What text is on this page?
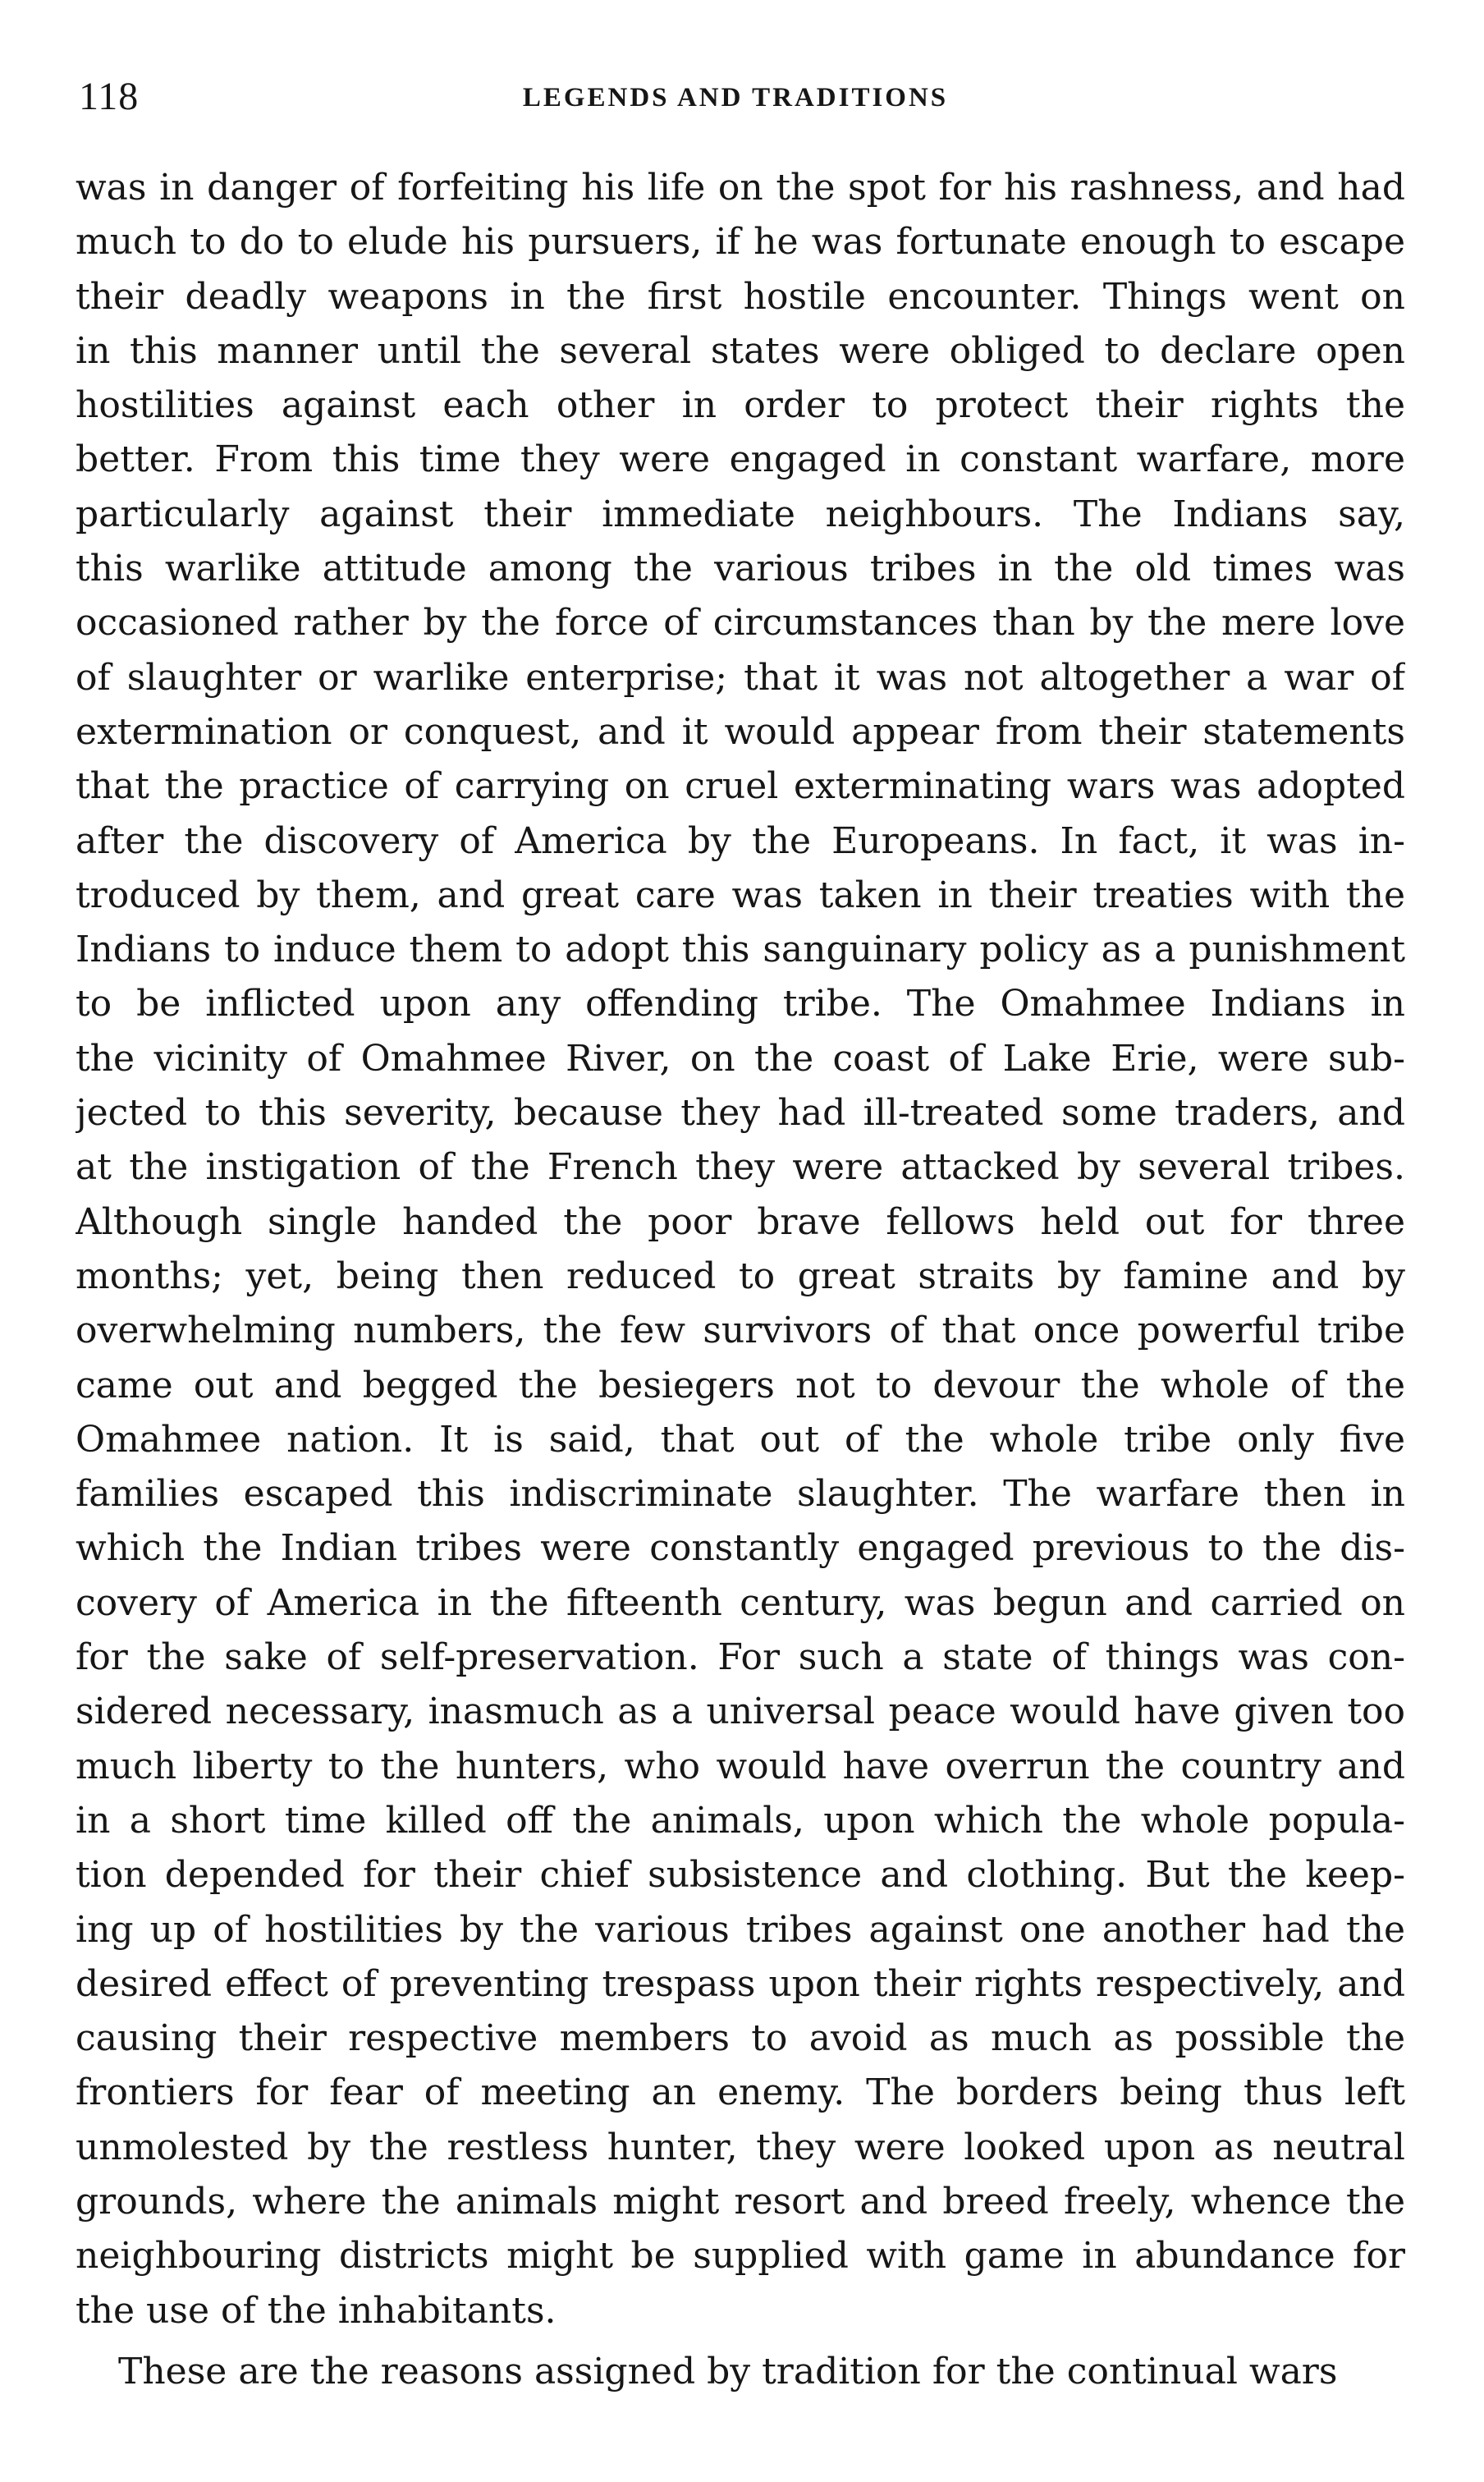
118	LEGENDS AND TRADITIONS
was in danger of forfeiting his life on the spot for his rashness, and had
much to do to elude his pursuers, if he was fortunate enough to escape
their deadly weapons in the first hostile encounter. Things went on
in this manner until the several states were obliged to declare open
hostilities against each other in order to protect their rights the
better. From this time they were engaged in constant warfare, more
particularly against their immediate neighbours. The Indians say,
this warlike attitude among the various tribes in the old times was
occasioned rather by the force of circumstances than by the mere love
of slaughter or warlike enterprise; that it was not altogether a war of
extermination or conquest, and it would appear from their statements
that the practice of carrying on cruel exterminating wars was adopted
after the discovery of America by the Europeans. In fact, it was in-
troduced by them, and great care was taken in their treaties with the
Indians to induce them to adopt this sanguinary policy as a punishment
to be inflicted upon any offending tribe. The Omahmee Indians in
the vicinity of Omahmee River, on the coast of Lake Erie, were sub-
jected to this severity, because they had ill-treated some traders, and
at the instigation of the French they were attacked by several tribes.
Although single handed the poor brave fellows held out for three
months; yet, being then reduced to great straits by famine and by
overwhelming numbers, the few survivors of that once powerful tribe
came out and begged the besiegers not to devour the whole of the
Omahmee nation. It is said, that out of the whole tribe only five
families escaped this indiscriminate slaughter. The warfare then in
which the Indian tribes were constantly engaged previous to the dis-
covery of America in the fifteenth century, was begun and carried on
for the sake of self-preservation. For such a state of things was con-
sidered necessary, inasmuch as a universal peace would have given too
much liberty to the hunters, who would have overrun the country and
in a short time killed off the animals, upon which the whole popula-
tion depended for their chief subsistence and clothing. But the keep-
ing up of hostilities by the various tribes against one another had the
desired effect of preventing trespass upon their rights respectively, and
causing their respective members to avoid as much as possible the
frontiers for fear of meeting an enemy. The borders being thus left
unmolested by the restless hunter, they were looked upon as neutral
grounds, where the animals might resort and breed freely, whence the
neighbouring districts might be supplied with game in abundance for
the use of the inhabitants.
These are the reasons assigned by tradition for the continual wars
